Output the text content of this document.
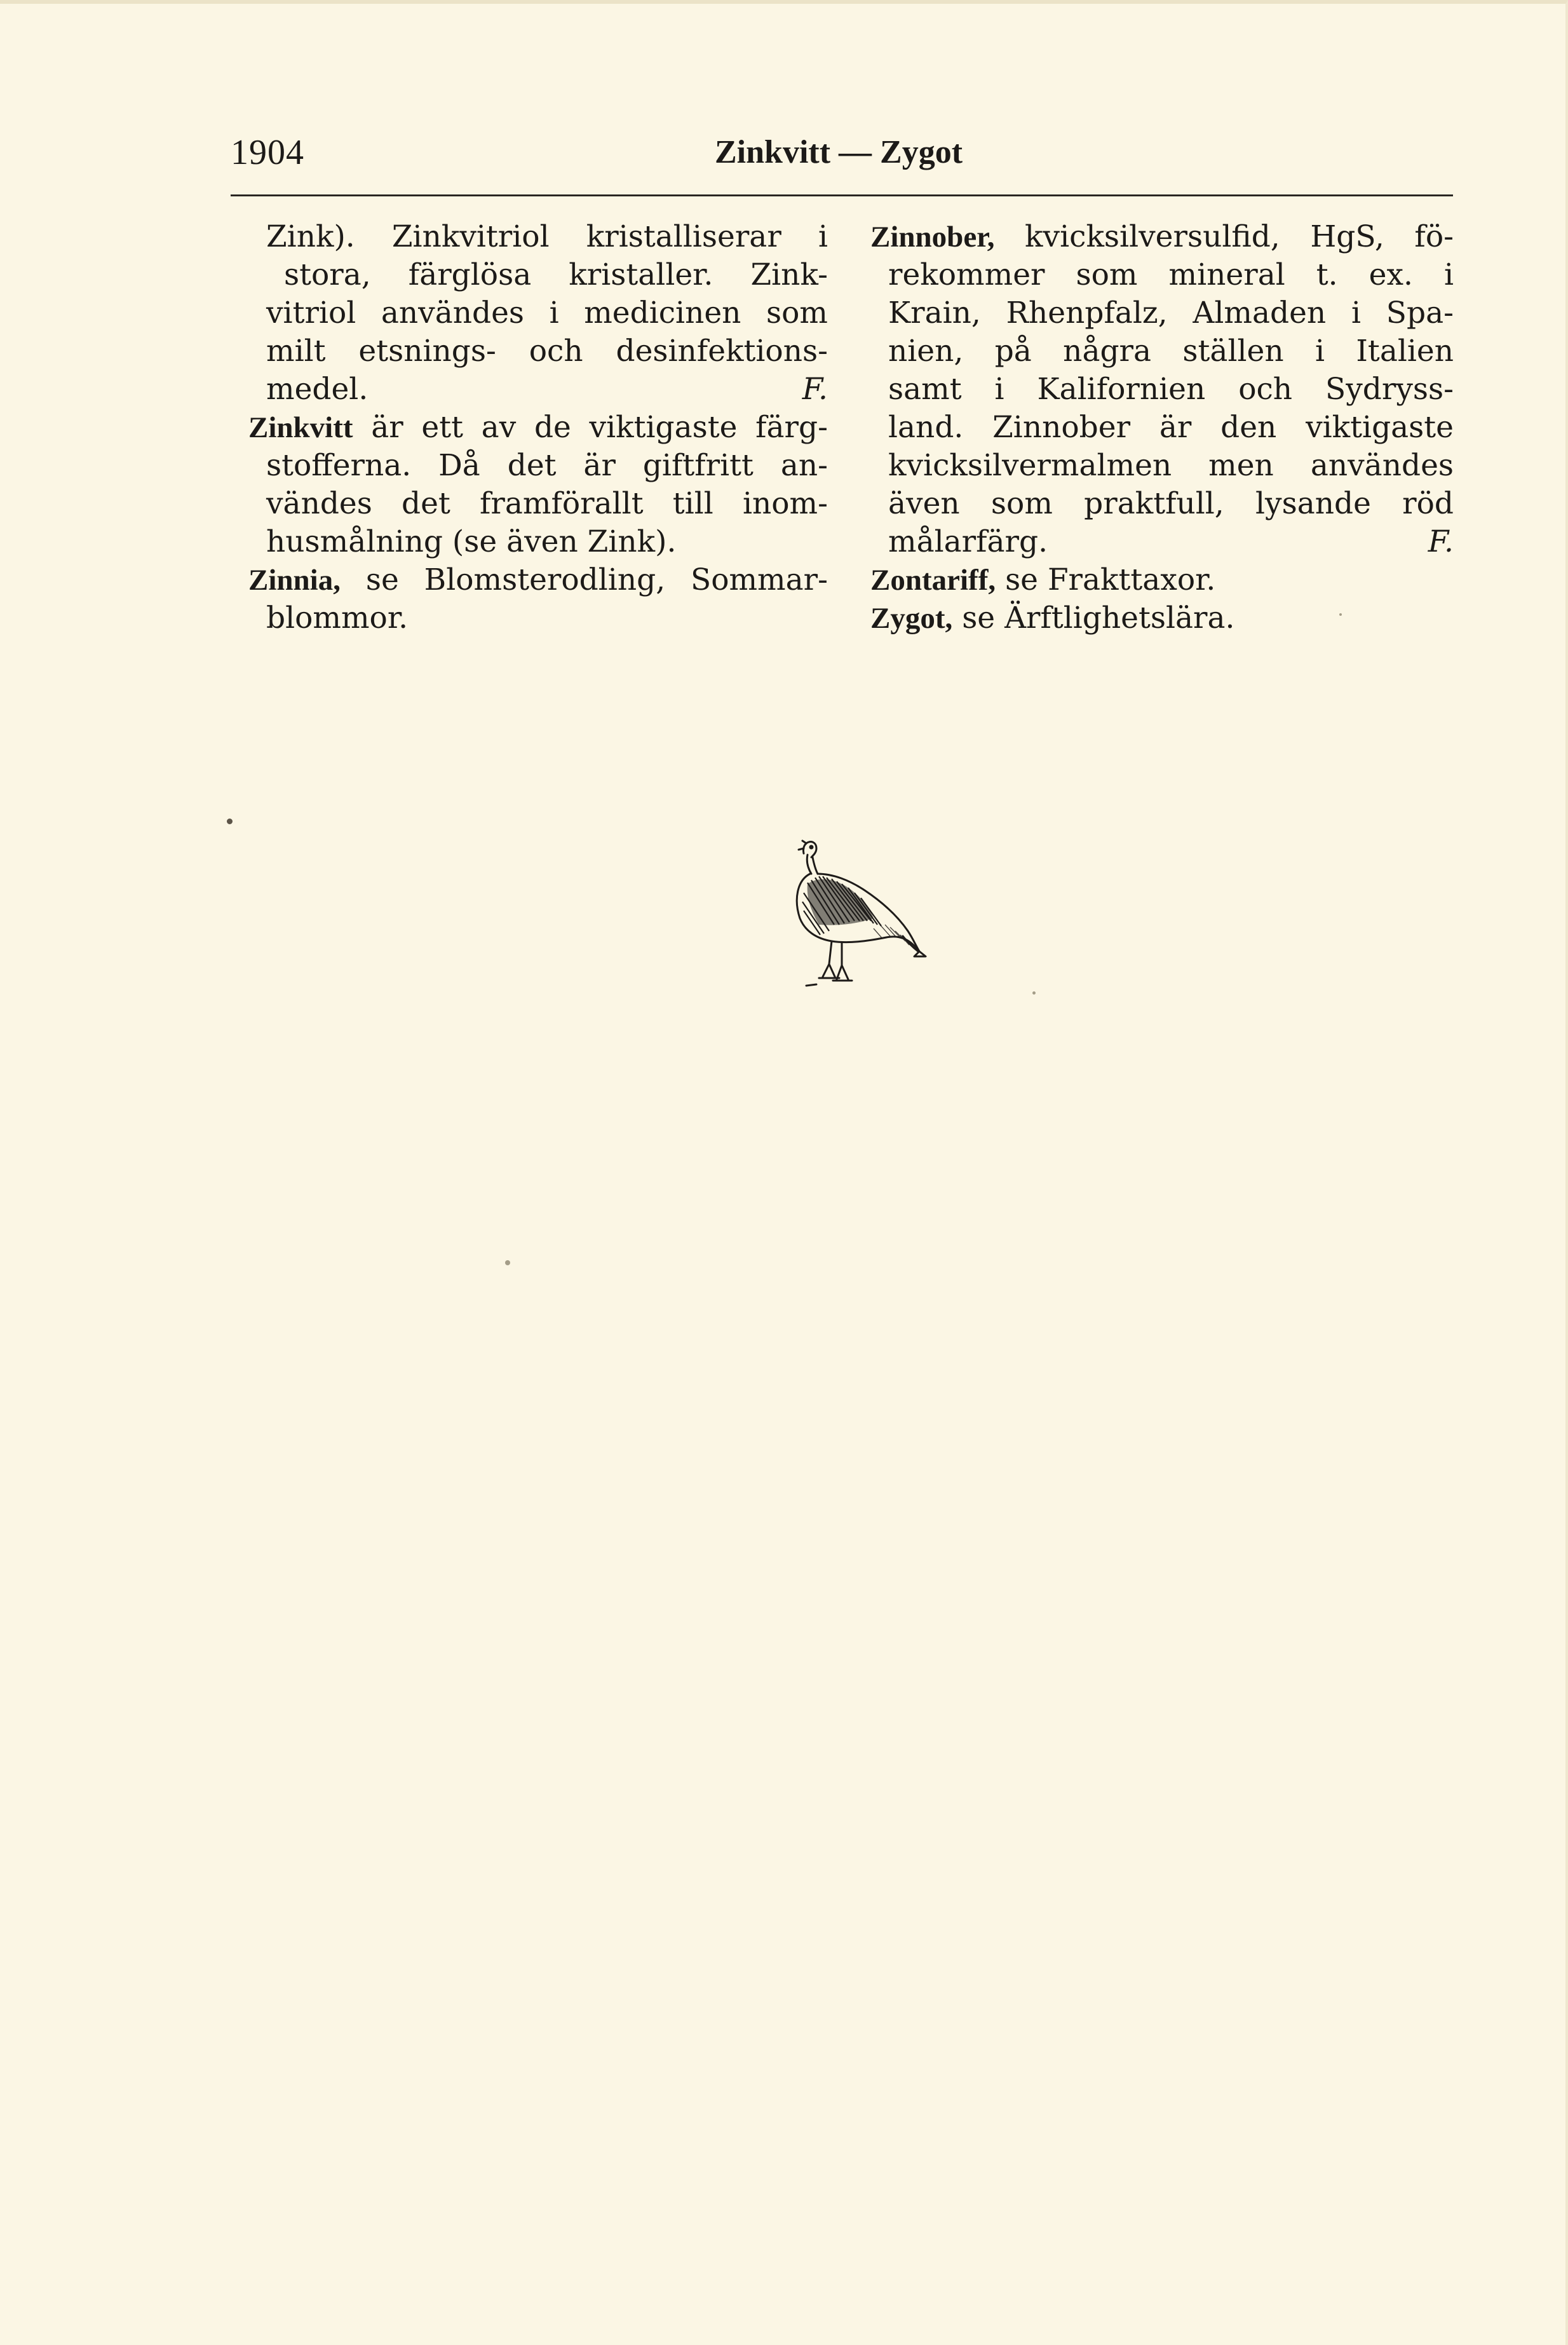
1904	Zinkvitt — Zygot
Zink). Zinkvitriol kristalliserar i
stora, färglösa kristaller. Zink-
vitriol användes i medicinen som
milt etsnings- och desinfektions-
medel.	F.
Zinkvitt är ett av de viktigaste färg-
stofferna. Då det är giftfritt an-
vändes det framförallt till inom-
husmålning (se även Zink).
Zinnia, se Blomsterodling, Sommar-
blommor.
Zinnober, kvicksilversulfid, HgS, fö-
rekommer som mineral t. ex. i
Krain, Rhenpfalz, Almaden i Spa-
nien, på några ställen i Italien
samt i Kalifornien och Sydryss-
land. Zinnober är den viktigaste
kvicksilvermalmen men användes
även som praktfull, lysande röd
målarfärg.	F.
Zontariff, se Frakttaxor.
Zygot, se Ärftlighetslära.
